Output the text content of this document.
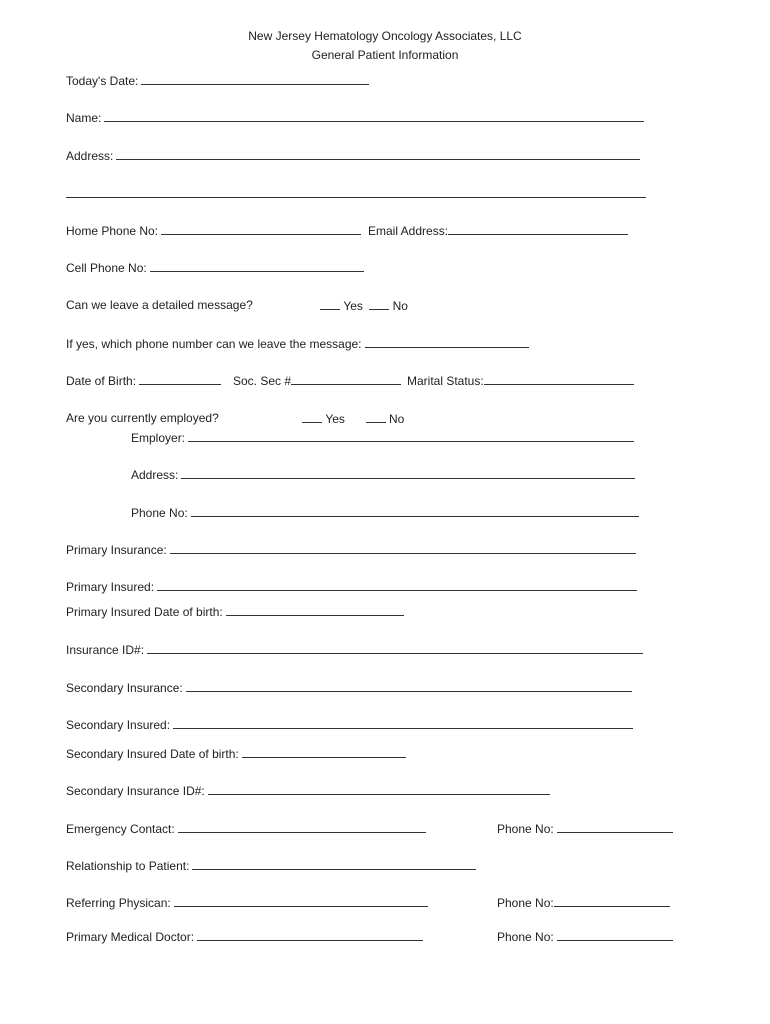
New Jersey Hematology Oncology Associates, LLC
General Patient Information
Today's Date:
Name:
Address:
Home Phone No:	Email Address:
Cell Phone No:
Can we leave a detailed message?	Yes No
If yes, which phone number can we leave the message:
Date of Birth:	Soc. Sec #	Marital Status:
Are you currently employed?	Yes	No
Employer:
Address:
Phone No:
Primary Insurance:
Primary Insured:
Primary Insured Date of birth:
Insurance ID#:
Secondary Insurance:
Secondary Insured:
Secondary Insured Date of birth:
Secondary Insurance ID#:
Emergency Contact:	Phone No:
Relationship to Patient:
Referring Physican:	Phone No:
Primary Medical Doctor:	Phone No:
